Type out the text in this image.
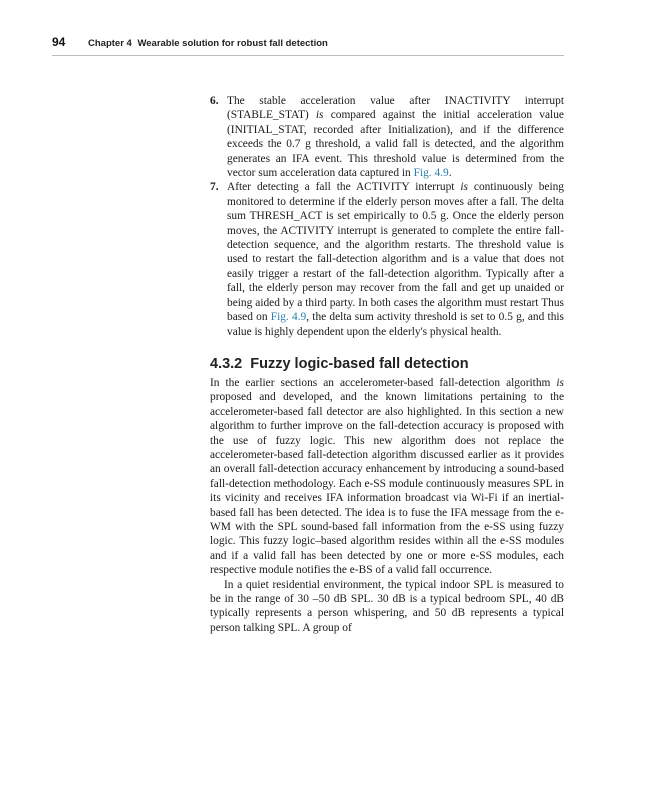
94 Chapter 4 Wearable solution for robust fall detection
6. The stable acceleration value after INACTIVITY interrupt (STABLE_STAT) is compared against the initial acceleration value (INITIAL_STAT, recorded after Initialization), and if the difference exceeds the 0.7 g threshold, a valid fall is detected, and the algorithm generates an IFA event. This threshold value is determined from the vector sum acceleration data captured in Fig. 4.9.
7. After detecting a fall the ACTIVITY interrupt is continuously being monitored to determine if the elderly person moves after a fall. The delta sum THRESH_ACT is set empirically to 0.5 g. Once the elderly person moves, the ACTIVITY interrupt is generated to complete the entire fall-detection sequence, and the algorithm restarts. The threshold value is used to restart the fall-detection algorithm and is a value that does not easily trigger a restart of the fall-detection algorithm. Typically after a fall, the elderly person may recover from the fall and get up unaided or being aided by a third party. In both cases the algorithm must restart Thus based on Fig. 4.9, the delta sum activity threshold is set to 0.5 g, and this value is highly dependent upon the elderly's physical health.
4.3.2 Fuzzy logic-based fall detection

In the earlier sections an accelerometer-based fall-detection algorithm is proposed and developed, and the known limitations pertaining to the accelerometer-based fall detector are also highlighted. In this section a new algorithm to further improve on the fall-detection accuracy is proposed with the use of fuzzy logic. This new algorithm does not replace the accelerometer-based fall-detection algorithm discussed earlier as it provides an overall fall-detection accuracy enhancement by introducing a sound-based fall-detection methodology. Each e-SS module continuously measures SPL in its vicinity and receives IFA information broadcast via Wi-Fi if an inertial-based fall has been detected. The idea is to fuse the IFA message from the e-WM with the SPL sound-based fall information from the e-SS using fuzzy logic. This fuzzy logic–based algorithm resides within all the e-SS modules and if a valid fall has been detected by one or more e-SS modules, each respective module notifies the e-BS of a valid fall occurrence.

In a quiet residential environment, the typical indoor SPL is measured to be in the range of 30 –50 dB SPL. 30 dB is a typical bedroom SPL, 40 dB typically represents a person whispering, and 50 dB represents a typical person talking SPL. A group of
